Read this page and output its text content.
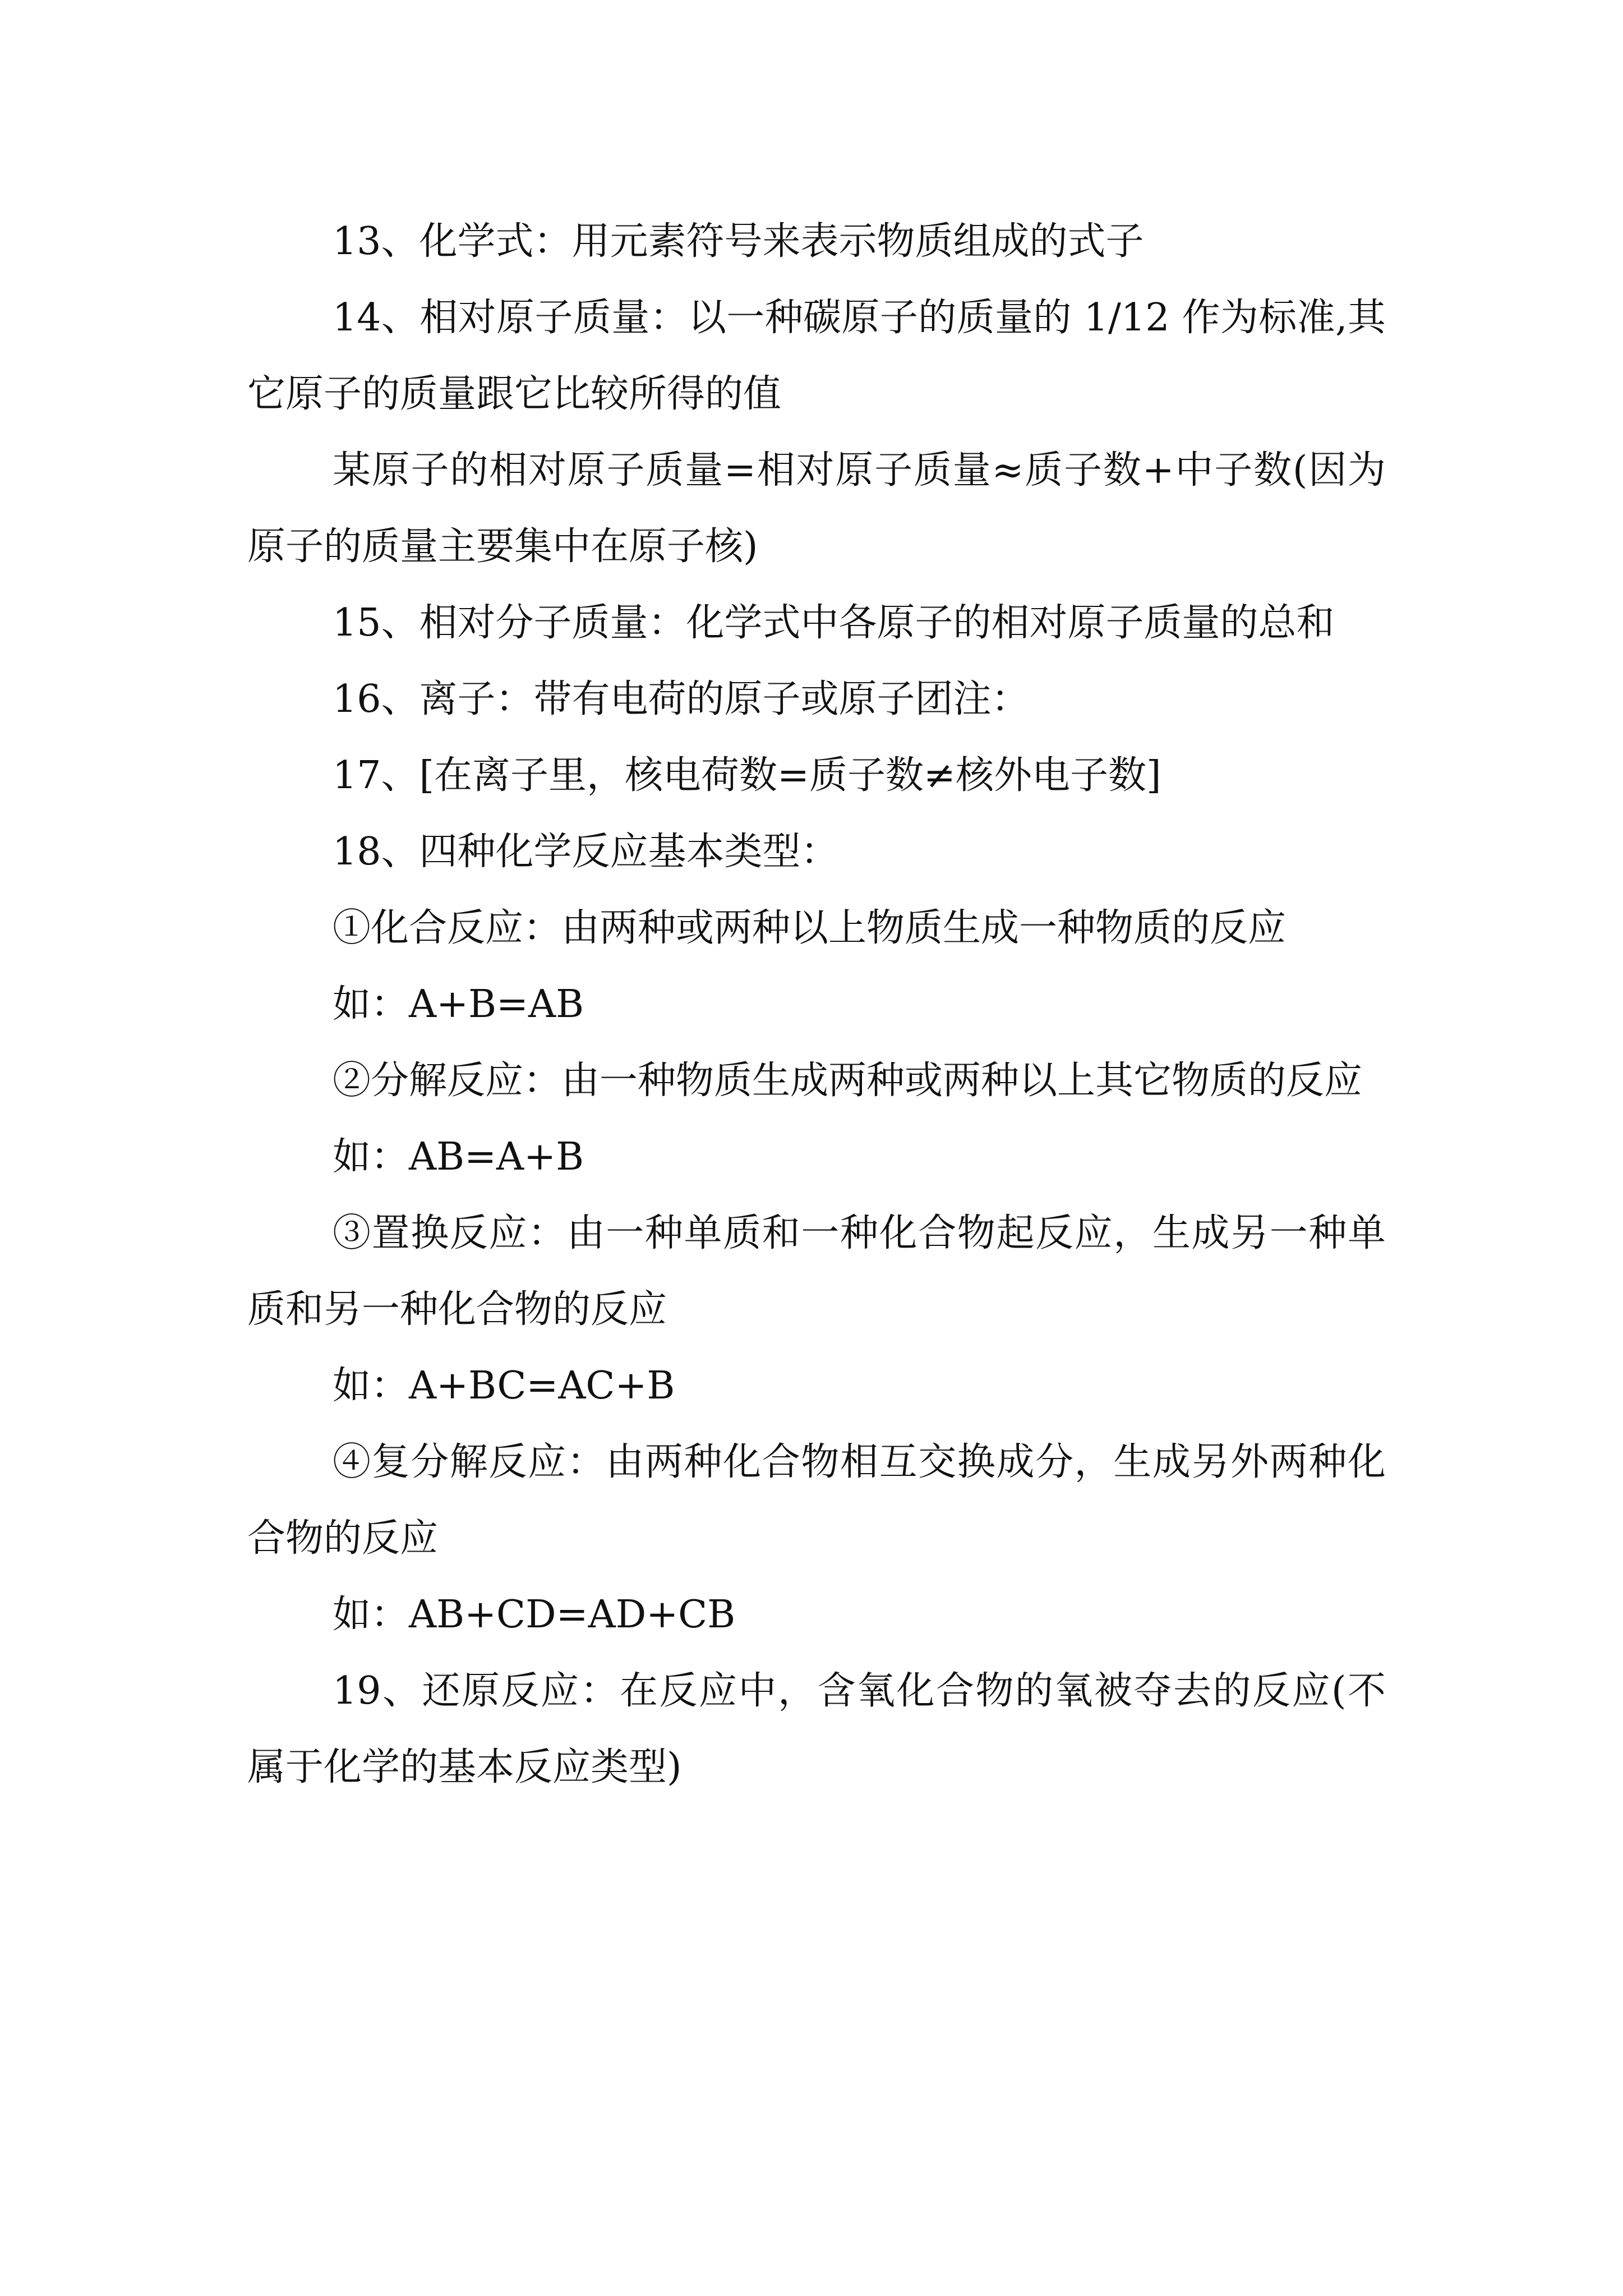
13、化学式：用元素符号来表示物质组成的式子

14、相对原子质量：以一种碳原子的质量的 1/12 作为标准,其它原子的质量跟它比较所得的值

某原子的相对原子质量=相对原子质量≈质子数+中子数(因为原子的质量主要集中在原子核)

15、相对分子质量：化学式中各原子的相对原子质量的总和

16、离子：带有电荷的原子或原子团注：

17、[在离子里，核电荷数=质子数≠核外电子数]

18、四种化学反应基本类型：

①化合反应：由两种或两种以上物质生成一种物质的反应

如：A+B=AB

②分解反应：由一种物质生成两种或两种以上其它物质的反应

如：AB=A+B

③置换反应：由一种单质和一种化合物起反应，生成另一种单质和另一种化合物的反应

如：A+BC=AC+B

④复分解反应：由两种化合物相互交换成分，生成另外两种化合物的反应

如：AB+CD=AD+CB

19、还原反应：在反应中，含氧化合物的氧被夺去的反应(不属于化学的基本反应类型)
